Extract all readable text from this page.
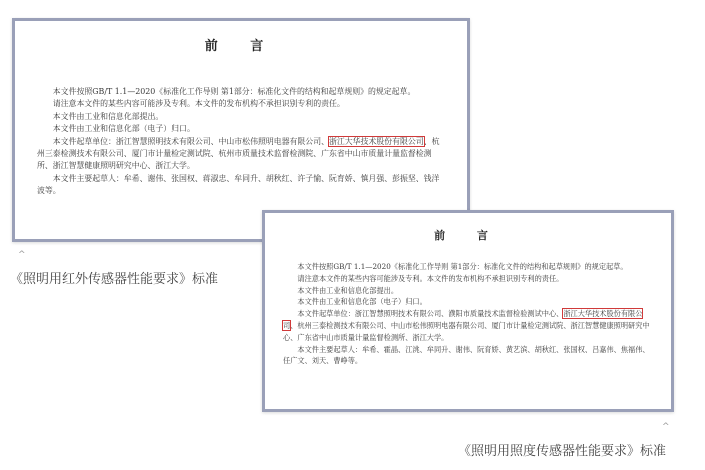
前 言

本文件按照GB/T 1.1—2020《标准化工作导则 第1部分：标准化文件的结构和起草规则》的规定起草。

请注意本文件的某些内容可能涉及专利。本文件的发布机构不承担识别专利的责任。

本文件由工业和信息化部提出。

本文件由工业和信息化部（电子）归口。

本文件起草单位：浙江智慧照明技术有限公司、中山市松伟照明电器有限公司、浙江大华技术股份有限公司、杭州三泰检测技术有限公司、厦门市计量检定测试院、杭州市质量技术监督检测院、广东省中山市质量计量监督检测所、浙江智慧健康照明研究中心、浙江大学。

本文件主要起草人：牟希、谢伟、张国权、蒋淑忠、牟同升、胡秋红、许子愉、阮育娇、慎月强、彭振坚、钱洋波等。

^
《照明用红外传感器性能要求》标准
前 言

本文件按照GB/T 1.1—2020《标准化工作导则 第1部分：标准化文件的结构和起草规则》的规定起草。

请注意本文件的某些内容可能涉及专利。本文件的发布机构不承担识别专利的责任。

本文件由工业和信息化部提出。

本文件由工业和信息化部（电子）归口。

本文件起草单位：浙江智慧照明技术有限公司、濮阳市质量技术监督检验测试中心、浙江大华技术股份有限公司、杭州三泰检测技术有限公司、中山市松伟照明电器有限公司、厦门市计量检定测试院、浙江智慧健康照明研究中心、广东省中山市质量计量监督检测所、浙江大学。

本文件主要起草人：牟希、霍晶、江洮、牟同升、谢伟、阮育娇、黄艺滨、胡秋红、张国权、吕嘉伟、焦福伟、任广文、刘天、曹峥等。

^
《照明用照度传感器性能要求》标准
